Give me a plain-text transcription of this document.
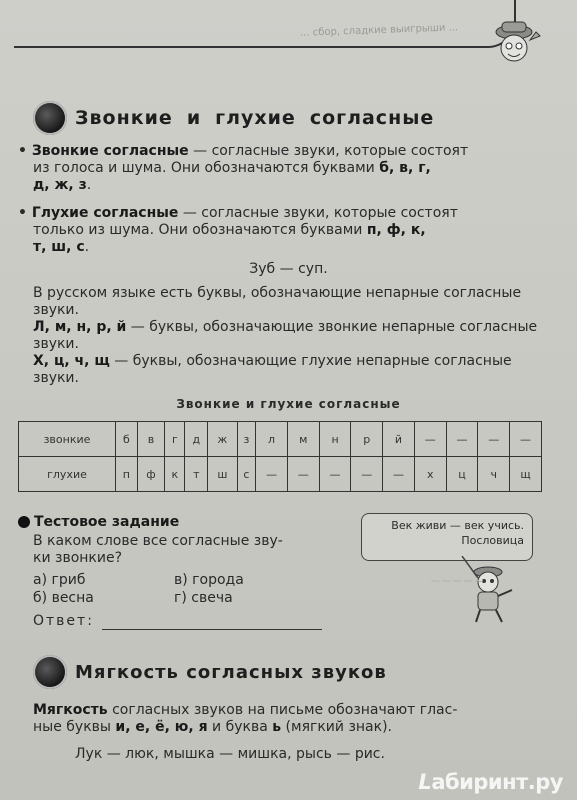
... сбор, сладкие выигрыши ...
Звонкие и глухие согласные
• Звонкие согласные — согласные звуки, которые состоят
из голоса и шума. Они обозначаются буквами б, в, г,
д, ж, з.
• Глухие согласные — согласные звуки, которые состоят
только из шума. Они обозначаются буквами п, ф, к,
т, ш, с.
Зуб — суп.
В русском языке есть буквы, обозначающие непарные согласные звуки.
Л, м, н, р, й — буквы, обозначающие звонкие непарные согласные звуки.
Х, ц, ч, щ — буквы, обозначающие глухие непарные согласные звуки.
Звонкие и глухие согласные
звонкие	б	в	г	д	ж	з	л	м	н	р	й	—	—	—	—
глухие	п	ф	к	т	ш	с	—	—	—	—	—	х	ц	ч	щ
Тестовое задание
В каком слове все согласные зву-
ки звонкие?
а) гриб	в) города
б) весна	г) свеча
Ответ:
Век живи — век учись.
Пословица
~~~~~
Мягкость согласных звуков
Мягкость согласных звуков на письме обозначают глас-
ные буквы и, е, ё, ю, я и буква ь (мягкий знак).
Лук — люк, мышка — мишка, рысь — рис.
Lабиринт.ру
